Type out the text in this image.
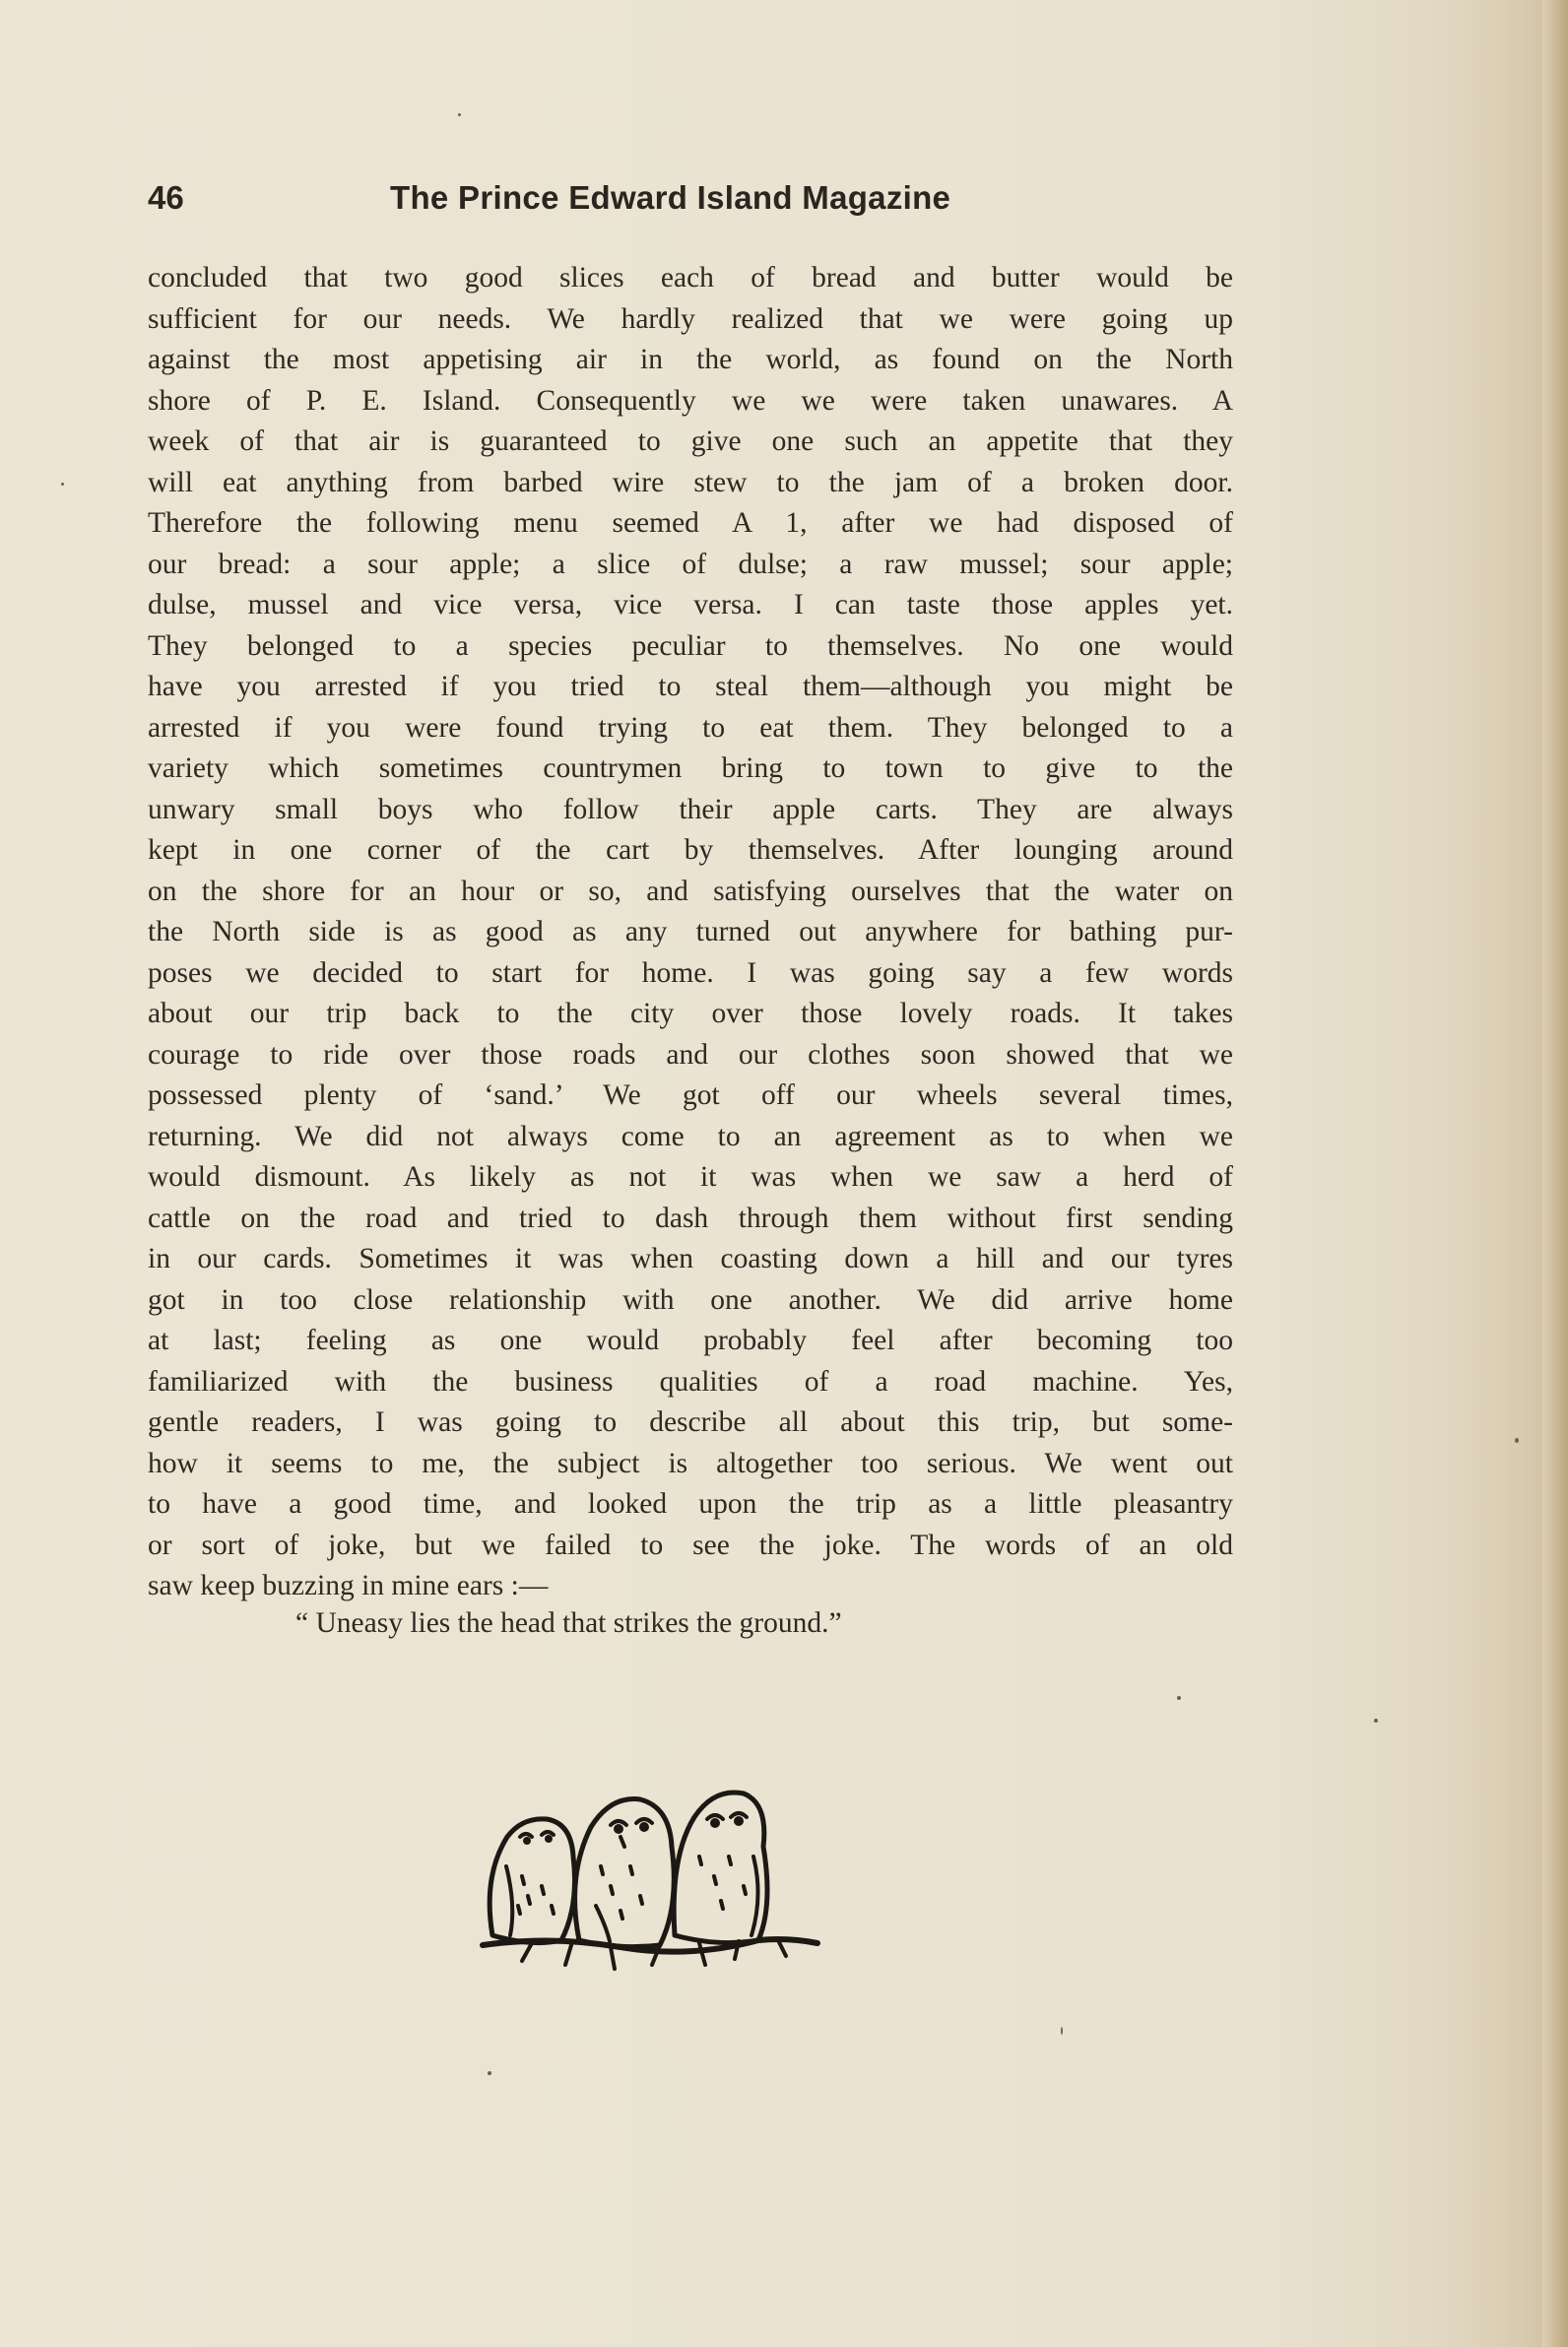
46	The Prince Edward Island Magazine
concluded that two good slices each of bread and butter would be
sufficient for our needs. We hardly realized that we were going up
against the most appetising air in the world, as found on the North
shore of P. E. Island. Consequently we we were taken unawares. A
week of that air is guaranteed to give one such an appetite that they
will eat anything from barbed wire stew to the jam of a broken door.
Therefore the following menu seemed A 1, after we had disposed of
our bread: a sour apple; a slice of dulse; a raw mussel; sour apple;
dulse, mussel and vice versa, vice versa. I can taste those apples yet.
They belonged to a species peculiar to themselves. No one would
have you arrested if you tried to steal them—although you might be
arrested if you were found trying to eat them. They belonged to a
variety which sometimes countrymen bring to town to give to the
unwary small boys who follow their apple carts. They are always
kept in one corner of the cart by themselves. After lounging around
on the shore for an hour or so, and satisfying ourselves that the water on
the North side is as good as any turned out anywhere for bathing pur-
poses we decided to start for home. I was going say a few words
about our trip back to the city over those lovely roads. It takes
courage to ride over those roads and our clothes soon showed that we
possessed plenty of ‘sand.’ We got off our wheels several times,
returning. We did not always come to an agreement as to when we
would dismount. As likely as not it was when we saw a herd of
cattle on the road and tried to dash through them without first sending
in our cards. Sometimes it was when coasting down a hill and our tyres
got in too close relationship with one another. We did arrive home
at last; feeling as one would probably feel after becoming too
familiarized with the business qualities of a road machine. Yes,
gentle readers, I was going to describe all about this trip, but some-
how it seems to me, the subject is altogether too serious. We went out
to have a good time, and looked upon the trip as a little pleasantry
or sort of joke, but we failed to see the joke. The words of an old
saw keep buzzing in mine ears :—
“ Uneasy lies the head that strikes the ground.”
